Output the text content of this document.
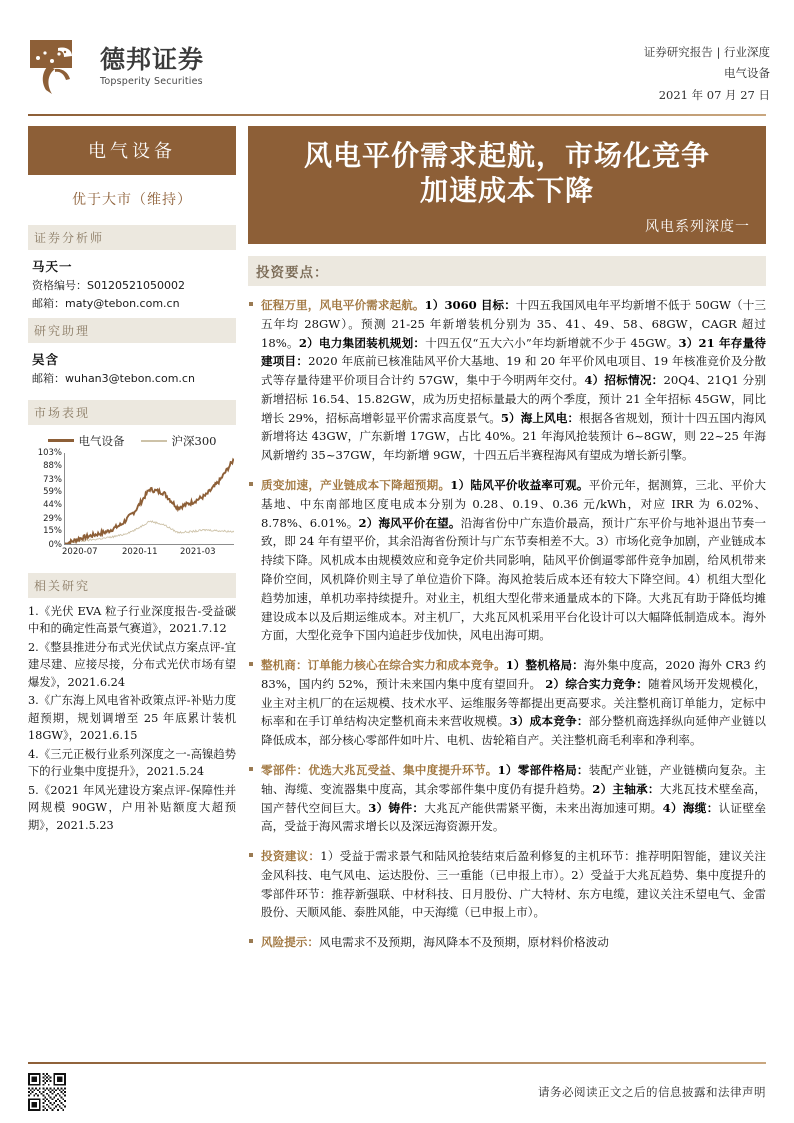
德邦证券
Topsperity Securities
证券研究报告 | 行业深度
电气设备
2021 年 07 月 27 日
电气设备
优于大市（维持）
证券分析师
马天一
资格编号：S0120521050002
邮箱：maty@tebon.com.cn
研究助理
吴含
邮箱：wuhan3@tebon.com.cn
市场表现
电气设备	沪深300
0%
15%
29%
44%
59%
73%
88%
103%
2020-07	2020-11	2021-03
相关研究
1.《光伏 EVA 粒子行业深度报告-受益碳中和的确定性高景气赛道》，2021.7.12
2.《整县推进分布式光伏试点方案点评-宜建尽建、应接尽接，分布式光伏市场有望爆发》，2021.6.24
3.《广东海上风电省补政策点评-补贴力度超预期，规划调增至 25 年底累计装机 18GW》，2021.6.15
4.《三元正极行业系列深度之一-高镍趋势下的行业集中度提升》，2021.5.24
5.《2021 年风光建设方案点评-保障性并网规模 90GW，户用补贴额度大超预期》，2021.5.23
风电平价需求起航，市场化竞争
加速成本下降
风电系列深度一
投资要点：
征程万里，风电平价需求起航。1）3060 目标：十四五我国风电年平均新增不低于 50GW（十三五年均 28GW）。预测 21-25 年新增装机分别为 35、41、49、58、68GW，CAGR 超过 18%。2）电力集团装机规划：十四五仅“五大六小”年均新增就不少于 45GW。3）21 年存量待建项目：2020 年底前已核准陆风平价大基地、19 和 20 年平价风电项目、19 年核准竞价及分散式等存量待建平价项目合计约 57GW，集中于今明两年交付。4）招标情况：20Q4、21Q1 分别新增招标 16.54、15.82GW，成为历史招标量最大的两个季度，预计 21 全年招标 45GW，同比增长 29%，招标高增彰显平价需求高度景气。5）海上风电：根据各省规划，预计十四五国内海风新增将达 43GW，广东新增 17GW，占比 40%。21 年海风抢装预计 6~8GW，则 22~25 年海风新增约 35~37GW，年均新增 9GW，十四五后半赛程海风有望成为增长新引擎。
质变加速，产业链成本下降超预期。1）陆风平价收益率可观。平价元年，据测算，三北、平价大基地、中东南部地区度电成本分别为 0.28、0.19、0.36 元/kWh，对应 IRR 为 6.02%、8.78%、6.01%。2）海风平价在望。沿海省份中广东造价最高，预计广东平价与地补退出节奏一致，即 24 年有望平价，其余沿海省份预计与广东节奏相差不大。3）市场化竞争加剧，产业链成本持续下降。风机成本由规模效应和竞争定价共同影响，陆风平价倒逼零部件竞争加剧，给风机带来降价空间，风机降价则主导了单位造价下降。海风抢装后成本还有较大下降空间。4）机组大型化趋势加速，单机功率持续提升。对业主，机组大型化带来通量成本的下降。大兆瓦有助于降低均摊建设成本以及后期运维成本。对主机厂，大兆瓦风机采用平台化设计可以大幅降低制造成本。海外方面，大型化竞争下国内追赶步伐加快，风电出海可期。
整机商：订单能力核心在综合实力和成本竞争。1）整机格局：海外集中度高，2020 海外 CR3 约 83%，国内约 52%，预计未来国内集中度有望回升。 2）综合实力竞争：随着风场开发规模化，业主对主机厂的在运规模、技术水平、运维服务等都提出更高要求。关注整机商订单能力，定标中标率和在手订单结构决定整机商未来营收规模。3）成本竞争：部分整机商选择纵向延伸产业链以降低成本，部分核心零部件如叶片、电机、齿轮箱自产。关注整机商毛利率和净利率。
零部件：优选大兆瓦受益、集中度提升环节。1）零部件格局：装配产业链，产业链横向复杂。主轴、海缆、变流器集中度高，其余零部件集中度仍有提升趋势。2）主轴承：大兆瓦技术壁垒高，国产替代空间巨大。3）铸件：大兆瓦产能供需紧平衡，未来出海加速可期。4）海缆：认证壁垒高，受益于海风需求增长以及深远海资源开发。
投资建议：1）受益于需求景气和陆风抢装结束后盈利修复的主机环节：推荐明阳智能，建议关注金风科技、电气风电、运达股份、三一重能（已申报上市）。2）受益于大兆瓦趋势、集中度提升的零部件环节：推荐新强联、中材科技、日月股份、广大特材、东方电缆，建议关注禾望电气、金雷股份、天顺风能、泰胜风能，中天海缆（已申报上市）。
风险提示：风电需求不及预期，海风降本不及预期，原材料价格波动
请务必阅读正文之后的信息披露和法律声明
